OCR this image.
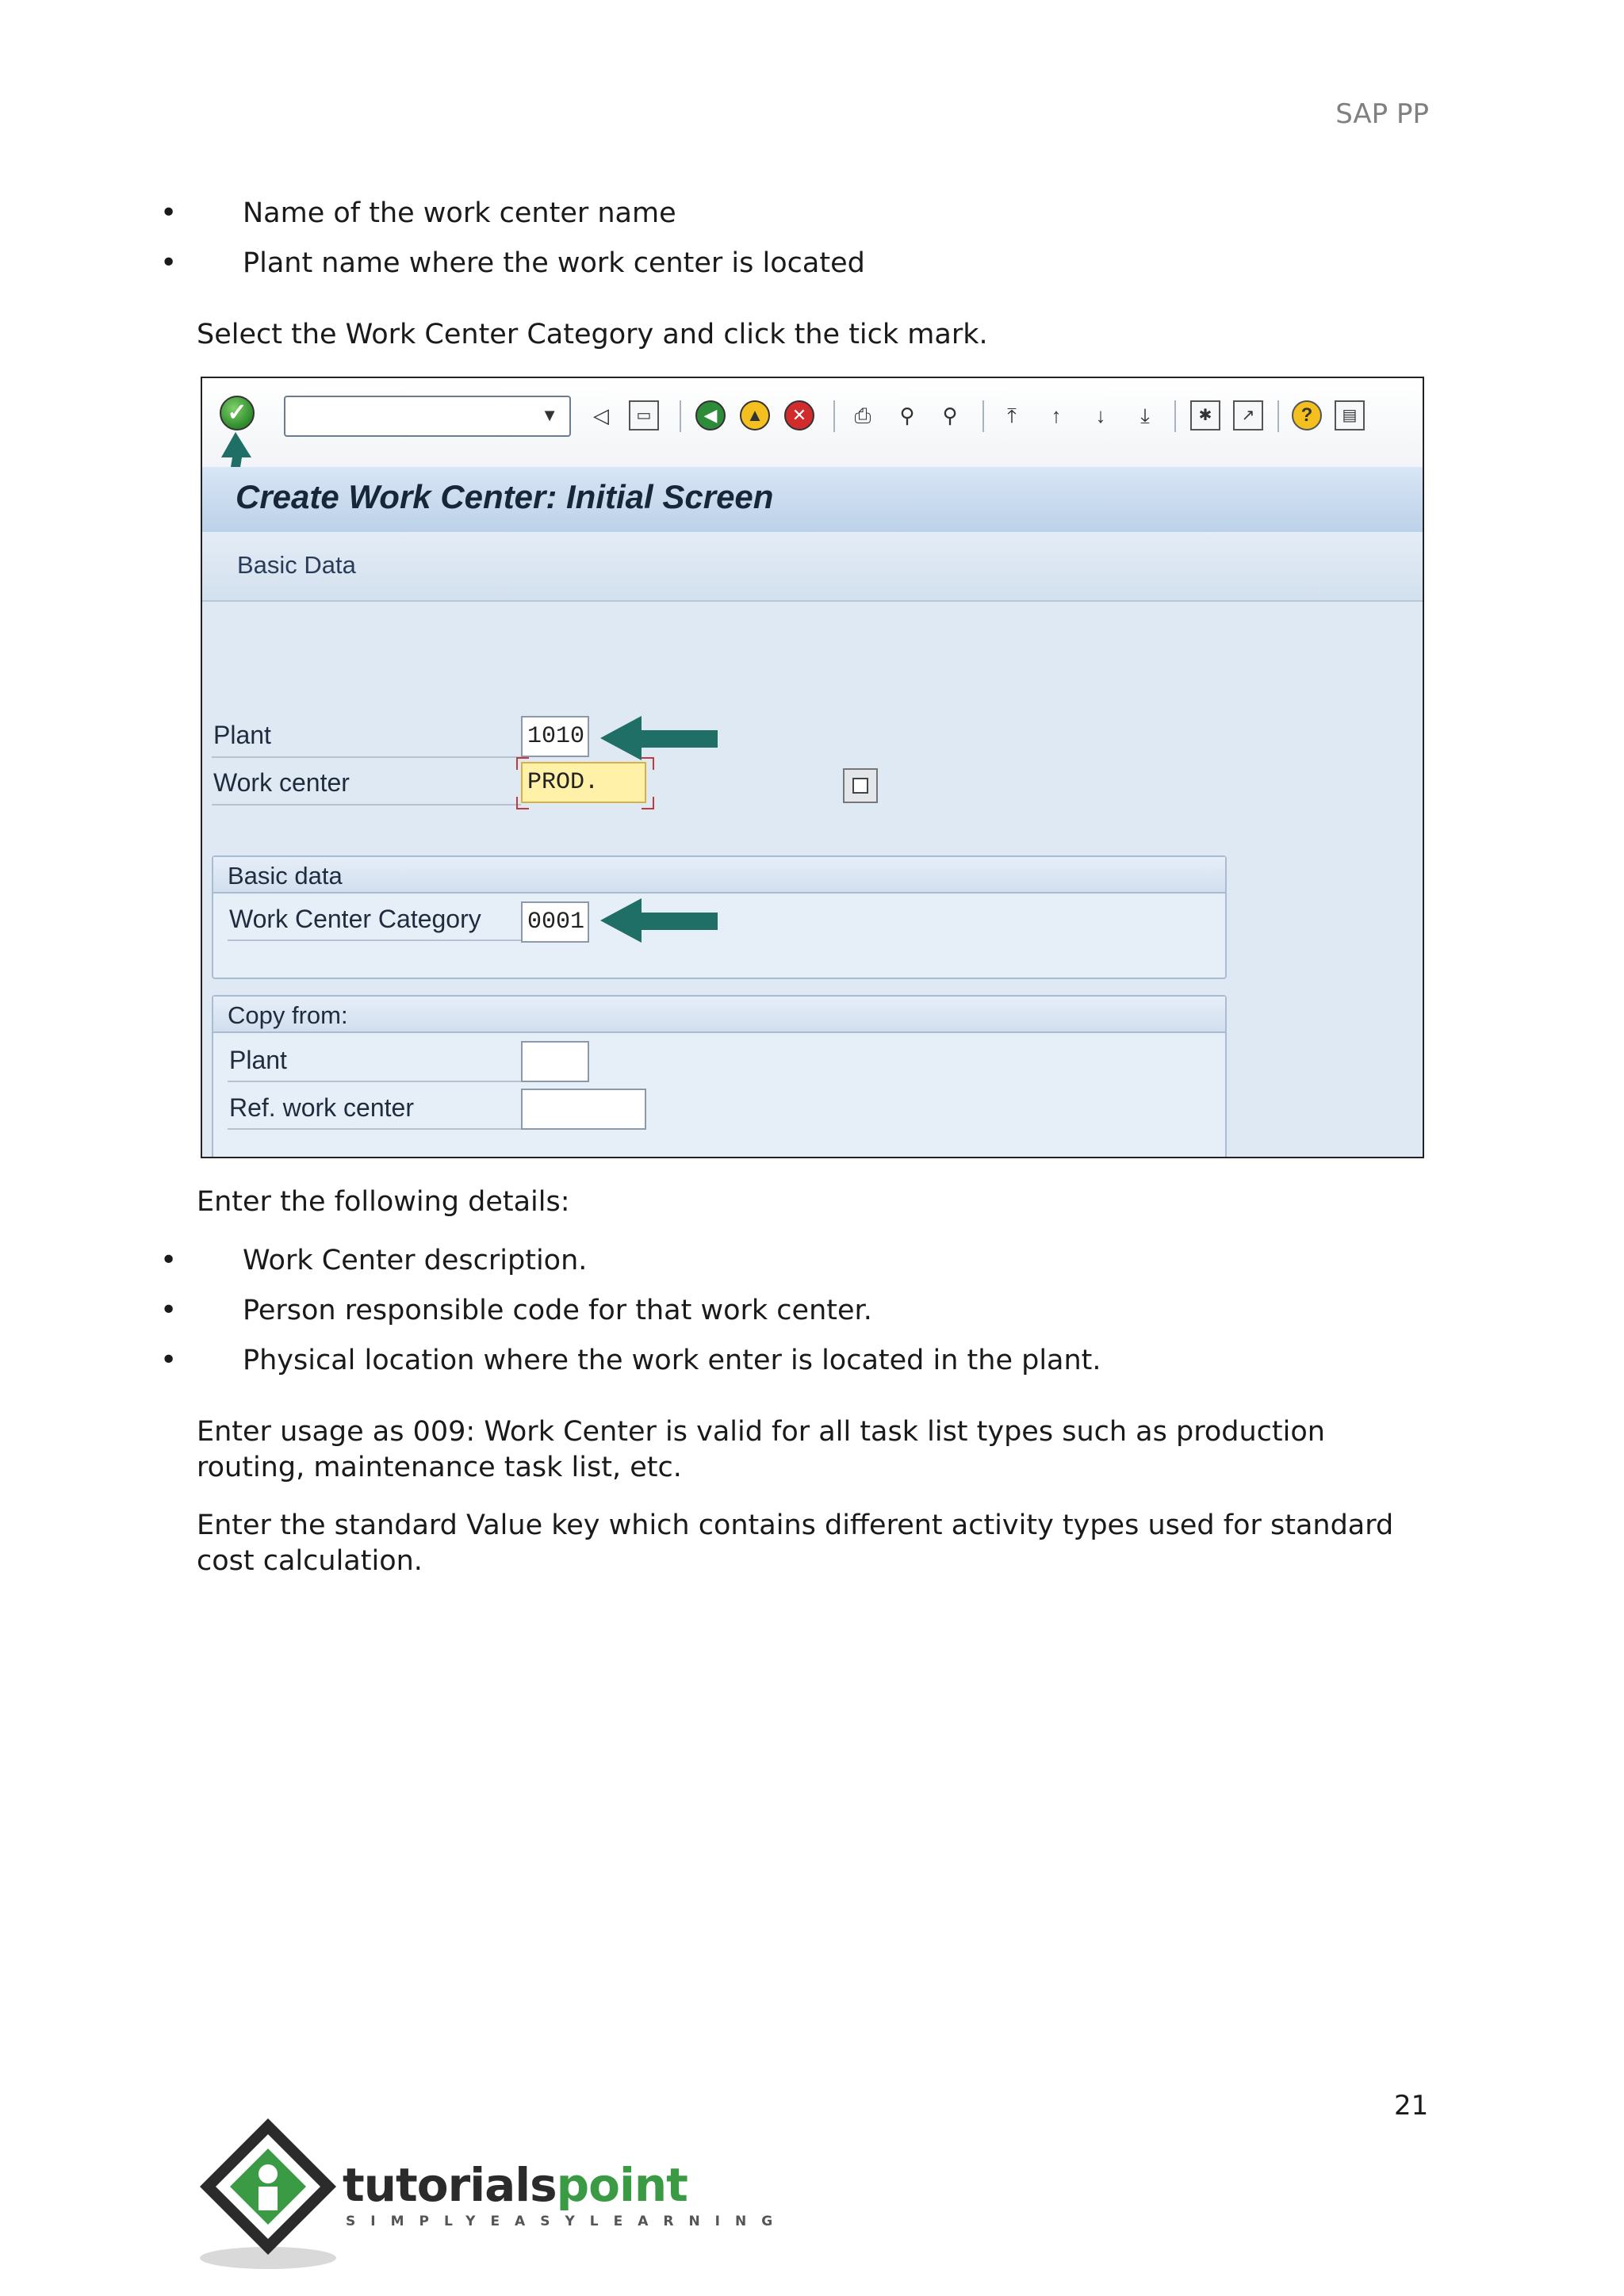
SAP PP
• Name of the work center name
• Plant name where the work center is located

Select the Work Center Category and click the tick mark.

✓	▼	◁	▭	◀	▲	✕	⎙	⚲	⚲	⤒	↑	↓	⤓	✱	↗	?	▤
Create Work Center: Initial Screen
Basic Data
Plant	1010
Work center	PROD.
Basic data
Work Center Category 0001
Copy from:
Plant
Ref. work center

Enter the following details:

• Work Center description.
• Person responsible code for that work center.
• Physical location where the work enter is located in the plant.

Enter usage as 009: Work Center is valid for all task list types such as production routing, maintenance task list, etc.

Enter the standard Value key which contains different activity types used for standard cost calculation.

21
tutorialspoint
SIMPLYEASYLEARNING
